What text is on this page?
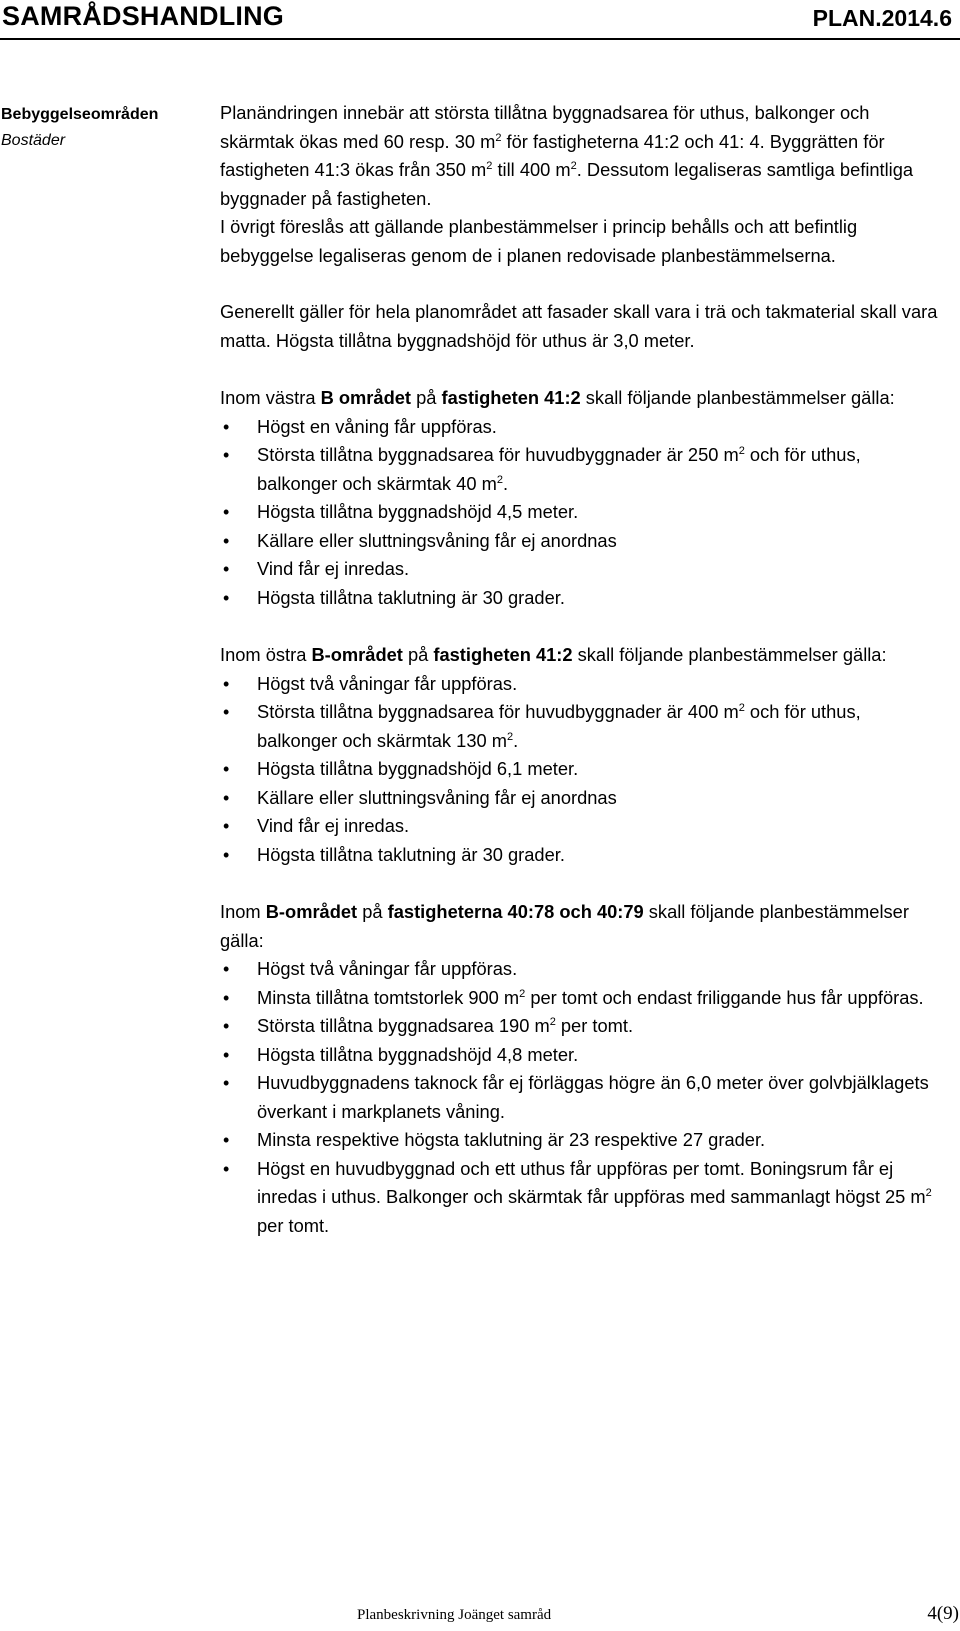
SAMRÅDSHANDLING	PLAN.2014.6
Bebyggelseområden
Bostäder

Planändringen innebär att största tillåtna byggnadsarea för uthus, balkonger och skärmtak ökas med 60 resp. 30 $m^2$ för fastigheterna 41:2 och 41: 4. Byggrätten för fastigheten 41:3 ökas från 350 $m^2$ till 400 $m^2$. Dessutom legaliseras samtliga befintliga byggnader på fastigheten.

I övrigt föreslås att gällande planbestämmelser i princip behålls och att befintlig bebyggelse legaliseras genom de i planen redovisade planbestämmelserna.

Generellt gäller för hela planområdet att fasader skall vara i trä och takmaterial skall vara matta. Högsta tillåtna byggnadshöjd för uthus är 3,0 meter.

Inom västra B området på fastigheten 41:2 skall följande planbestämmelser gälla:

• Högst en våning får uppföras.
• Största tillåtna byggnadsarea för huvudbyggnader är 250 $m^2$ och för uthus, balkonger och skärmtak 40 $m^2$.
• Högsta tillåtna byggnadshöjd 4,5 meter.
• Källare eller sluttningsvåning får ej anordnas
• Vind får ej inredas.
• Högsta tillåtna taklutning är 30 grader.

Inom östra B-området på fastigheten 41:2 skall följande planbestämmelser gälla:

• Högst två våningar får uppföras.
• Största tillåtna byggnadsarea för huvudbyggnader är 400 $m^2$ och för uthus, balkonger och skärmtak 130 $m^2$.
• Högsta tillåtna byggnadshöjd 6,1 meter.
• Källare eller sluttningsvåning får ej anordnas
• Vind får ej inredas.
• Högsta tillåtna taklutning är 30 grader.

Inom B-området på fastigheterna 40:78 och 40:79 skall följande planbestämmelser gälla:

• Högst två våningar får uppföras.
• Minsta tillåtna tomtstorlek 900 $m^2$ per tomt och endast friliggande hus får uppföras.
• Största tillåtna byggnadsarea 190 $m^2$ per tomt.
• Högsta tillåtna byggnadshöjd 4,8 meter.
• Huvudbyggnadens taknock får ej förläggas högre än 6,0 meter över golvbjälklagets överkant i markplanets våning.
• Minsta respektive högsta taklutning är 23 respektive 27 grader.
• Högst en huvudbyggnad och ett uthus får uppföras per tomt. Boningsrum får ej inredas i uthus. Balkonger och skärmtak får uppföras med sammanlagt högst 25 $m^2$ per tomt.
Planbeskrivning Joänget samråd	4(9)
